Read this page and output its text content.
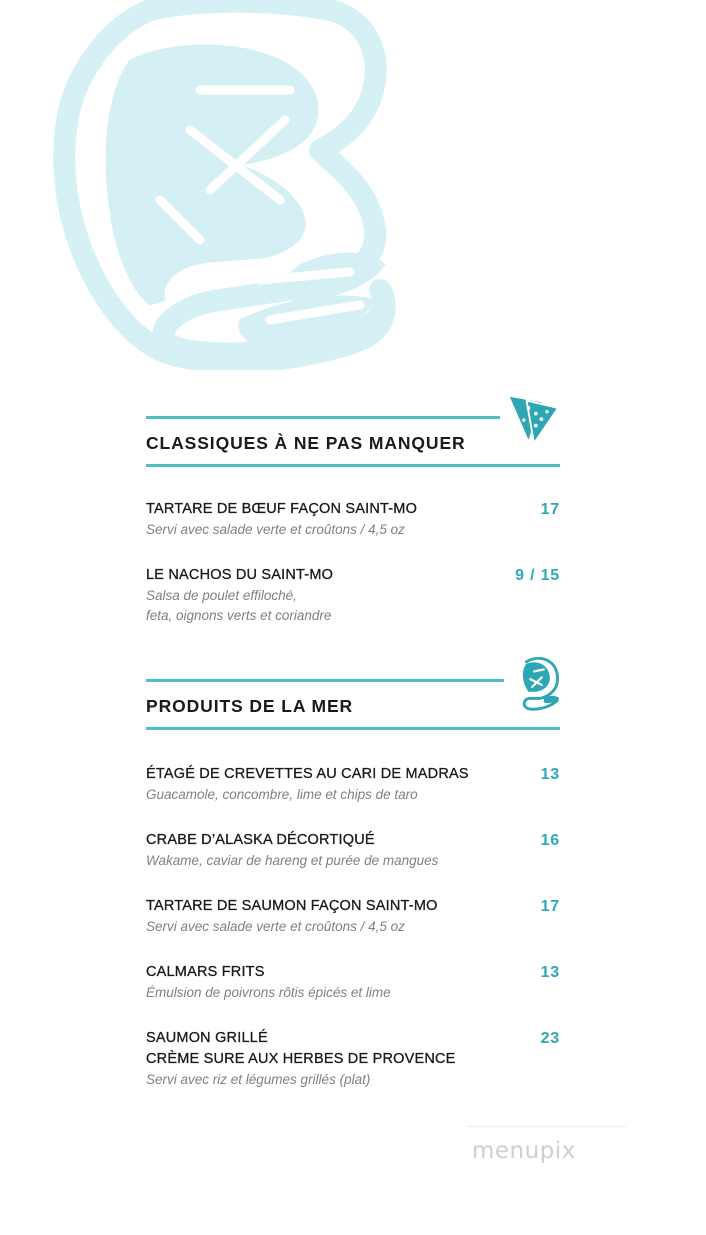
CLASSIQUES À NE PAS MANQUER
TARTARE DE BŒUF FAÇON SAINT-MO
Servi avec salade verte et croûtons / 4,5 oz
17
LE NACHOS DU SAINT-MO
Salsa de poulet effiloché,
feta, oignons verts et coriandre
9 / 15
PRODUITS DE LA MER
ÉTAGÉ DE CREVETTES AU CARI DE MADRAS
Guacamole, concombre, lime et chips de taro
13
CRABE D’ALASKA DÉCORTIQUÉ
Wakame, caviar de hareng et purée de mangues
16
TARTARE DE SAUMON FAÇON SAINT-MO
Servi avec salade verte et croûtons / 4,5 oz
17
CALMARS FRITS
Émulsion de poivrons rôtis épicés et lime
13
SAUMON GRILLÉ
CRÈME SURE AUX HERBES DE PROVENCE
Servi avec riz et légumes grillés (plat)
23
menupix
